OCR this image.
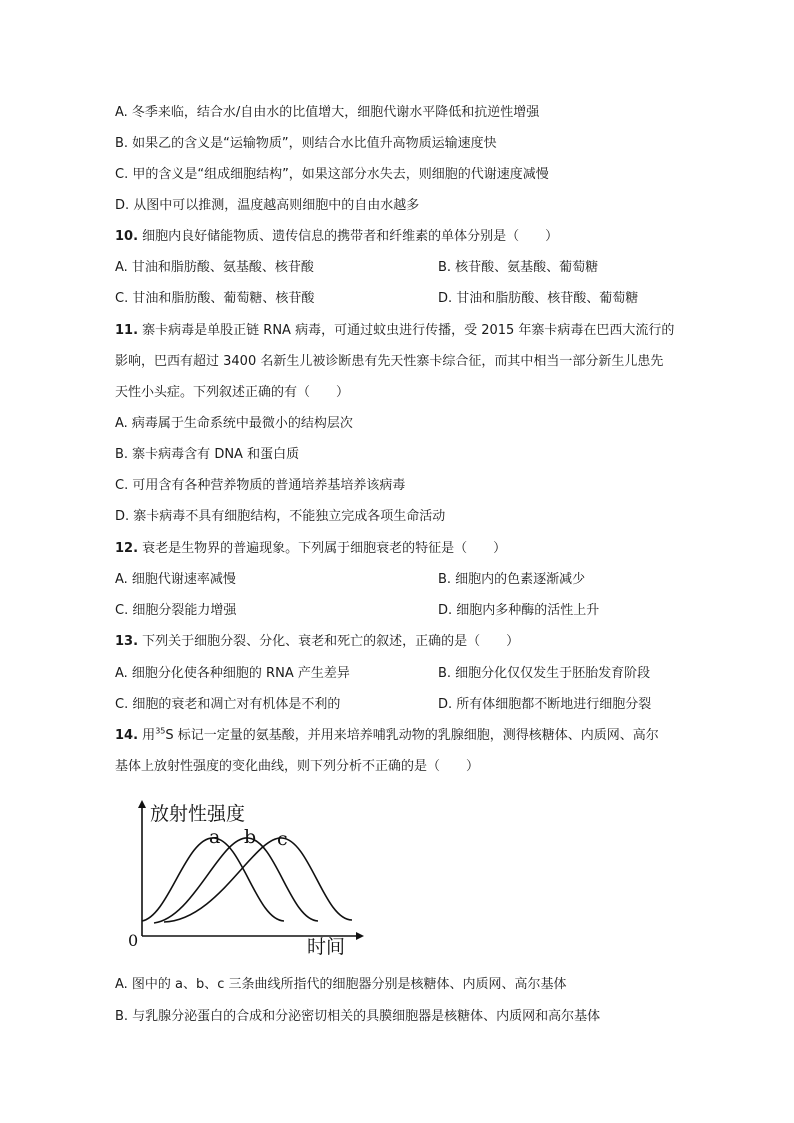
A. 冬季来临，结合水/自由水的比值增大，细胞代谢水平降低和抗逆性增强
B. 如果乙的含义是“运输物质”，则结合水比值升高物质运输速度快
C. 甲的含义是“组成细胞结构”，如果这部分水失去，则细胞的代谢速度减慢
D. 从图中可以推测，温度越高则细胞中的自由水越多
10. 细胞内良好储能物质、遗传信息的携带者和纤维素的单体分别是（　　）
A. 甘油和脂肪酸、氨基酸、核苷酸	B. 核苷酸、氨基酸、葡萄糖
C. 甘油和脂肪酸、葡萄糖、核苷酸	D. 甘油和脂肪酸、核苷酸、葡萄糖
11. 寨卡病毒是单股正链 RNA 病毒，可通过蚊虫进行传播，受 2015 年寨卡病毒在巴西大流行的
影响，巴西有超过 3400 名新生儿被诊断患有先天性寨卡综合征，而其中相当一部分新生儿患先
天性小头症。下列叙述正确的有（　　）
A. 病毒属于生命系统中最微小的结构层次
B. 寨卡病毒含有 DNA 和蛋白质
C. 可用含有各种营养物质的普通培养基培养该病毒
D. 寨卡病毒不具有细胞结构，不能独立完成各项生命活动
12. 衰老是生物界的普遍现象。下列属于细胞衰老的特征是（　　）
A. 细胞代谢速率减慢	B. 细胞内的色素逐渐减少
C. 细胞分裂能力增强	D. 细胞内多种酶的活性上升
13. 下列关于细胞分裂、分化、衰老和死亡的叙述，正确的是（　　）
A. 细胞分化使各种细胞的 RNA 产生差异	B. 细胞分化仅仅发生于胚胎发育阶段
C. 细胞的衰老和凋亡对有机体是不利的	D. 所有体细胞都不断地进行细胞分裂
14. 用$^{35}$S 标记一定量的氨基酸，并用来培养哺乳动物的乳腺细胞，测得核糖体、内质网、高尔
基体上放射性强度的变化曲线，则下列分析不正确的是（　　）
放射性强度
时间
0
a b c
A. 图中的 a、b、c 三条曲线所指代的细胞器分别是核糖体、内质网、高尔基体
B. 与乳腺分泌蛋白的合成和分泌密切相关的具膜细胞器是核糖体、内质网和高尔基体
